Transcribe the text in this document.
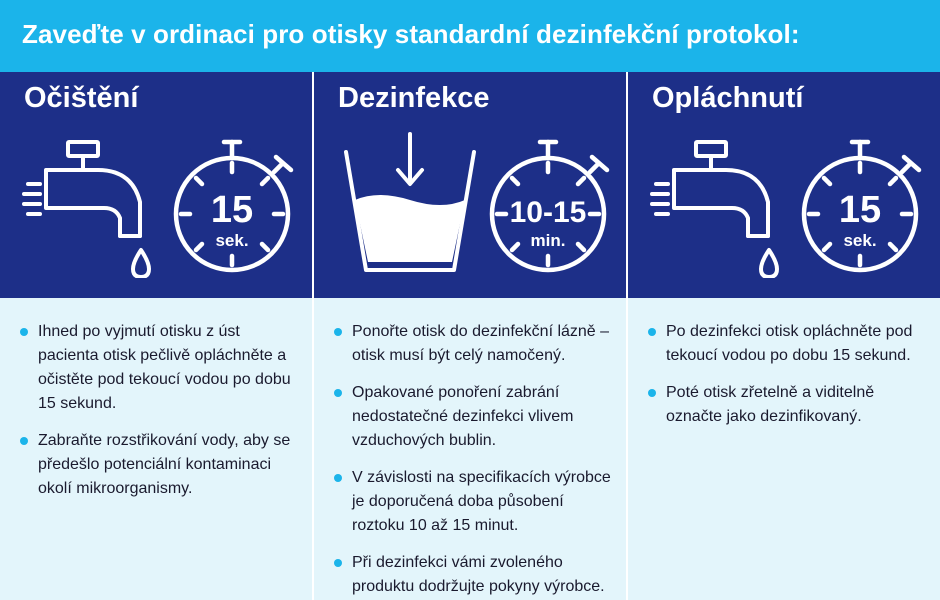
Zaveďte v ordinaci pro otisky standardní dezinfekční protokol:
Očištění
15
sek.
Ihned po vyjmutí otisku z úst pacienta otisk pečlivě opláchněte a očistěte pod tekoucí vodou po dobu 15 sekund.
Zabraňte rozstřikování vody, aby se předešlo potenciální kontaminaci okolí mikroorganismy.
Dezinfekce
10-15
min.
Ponořte otisk do dezinfekční lázně – otisk musí být celý namočený.
Opakované ponoření zabrání nedostatečné dezinfekci vlivem vzduchových bublin.
V závislosti na specifikacích výrobce je doporučená doba působení roztoku 10 až 15 minut.
Při dezinfekci vámi zvoleného produktu dodržujte pokyny výrobce.
Opláchnutí
15
sek.
Po dezinfekci otisk opláchněte pod tekoucí vodou po dobu 15 sekund.
Poté otisk zřetelně a viditelně označte jako dezinfikovaný.
